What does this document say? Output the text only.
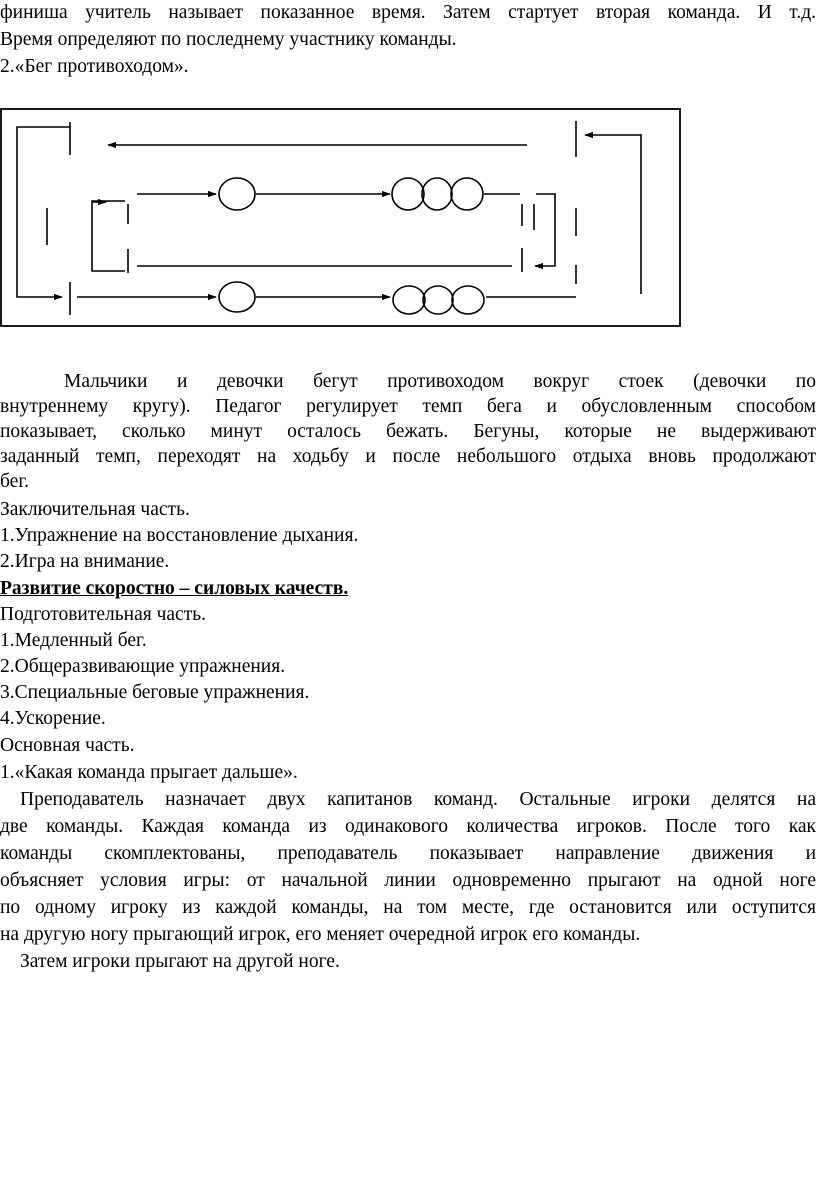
финиша учитель называет показанное время. Затем стартует вторая команда. И т.д.
Время определяют по последнему участнику команды.
2.«Бег противоходом».
Мальчики и девочки бегут противоходом вокруг стоек (девочки по
внутреннему кругу). Педагог регулирует темп бега и обусловленным способом
показывает, сколько минут осталось бежать. Бегуны, которые не выдерживают
заданный темп, переходят на ходьбу и после небольшого отдыха вновь продолжают
бег.
Заключительная часть.
1.Упражнение на восстановление дыхания.
2.Игра на внимание.
Развитие скоростно – силовых качеств.
Подготовительная часть.
1.Медленный бег.
2.Общеразвивающие упражнения.
3.Специальные беговые упражнения.
4.Ускорение.
Основная часть.
1.«Какая команда прыгает дальше».
Преподаватель назначает двух капитанов команд. Остальные игроки делятся на
две команды. Каждая команда из одинакового количества игроков. После того как
команды скомплектованы, преподаватель показывает направление движения и
объясняет условия игры: от начальной линии одновременно прыгают на одной ноге
по одному игроку из каждой команды, на том месте, где остановится или оступится
на другую ногу прыгающий игрок, его меняет очередной игрок его команды.
Затем игроки прыгают на другой ноге.
